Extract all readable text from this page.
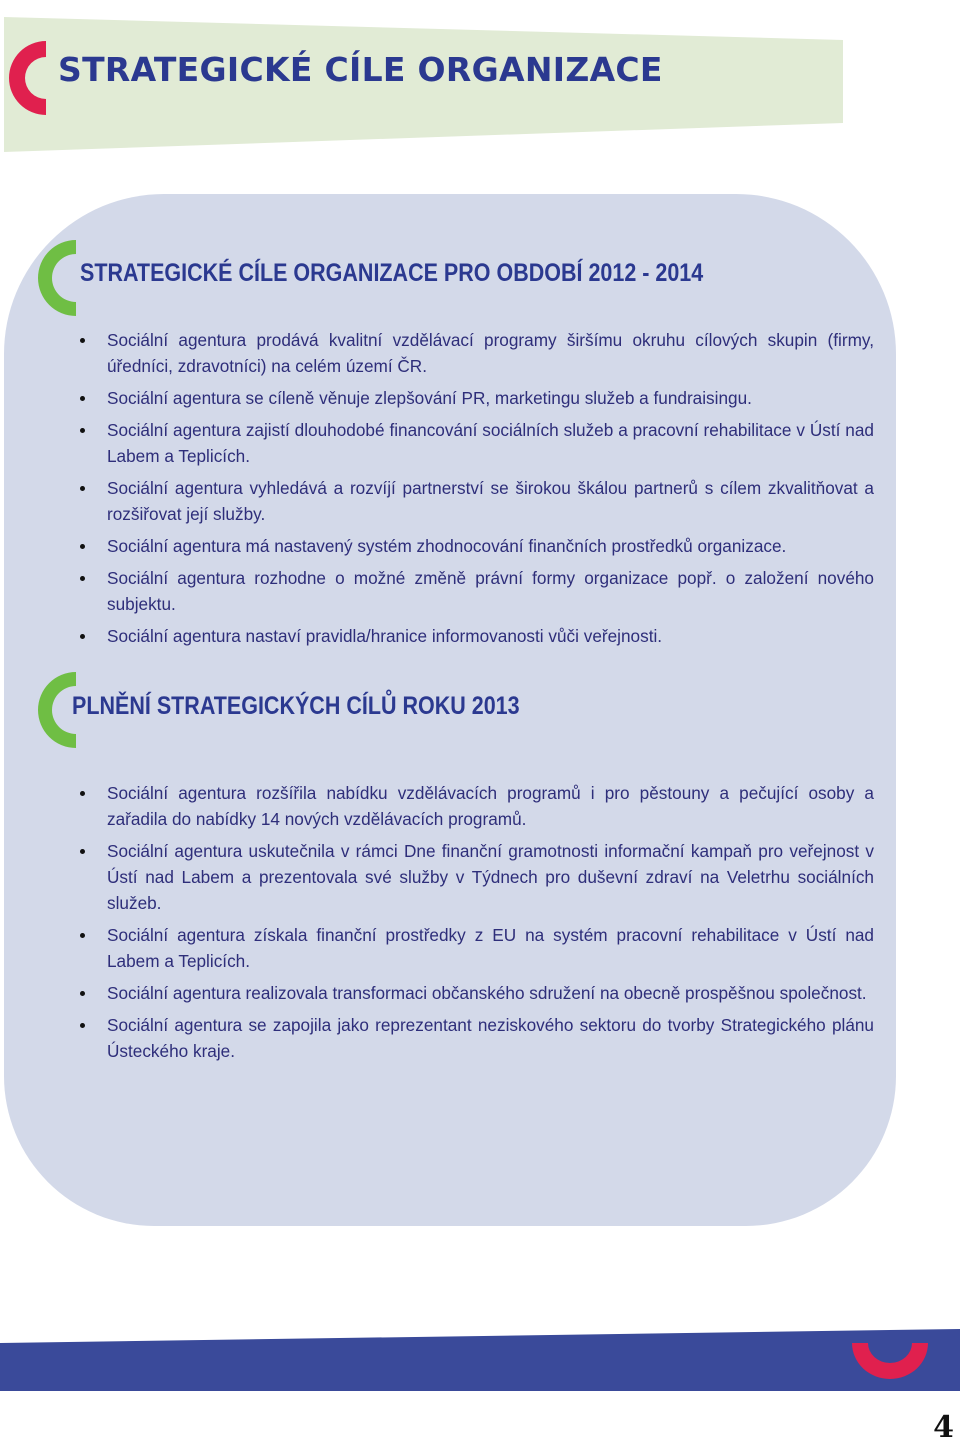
STRATEGICKÉ CÍLE ORGANIZACE
STRATEGICKÉ CÍLE ORGANIZACE PRO OBDOBÍ 2012 - 2014
Sociální agentura prodává kvalitní vzdělávací programy širšímu okruhu cílových skupin (firmy, úředníci, zdravotníci) na celém území ČR.
Sociální agentura se cíleně věnuje zlepšování PR, marketingu služeb a fundraisingu.
Sociální agentura zajistí dlouhodobé financování sociálních služeb a pracovní rehabilitace v Ústí nad Labem a Teplicích.
Sociální agentura vyhledává a rozvíjí partnerství se širokou škálou partnerů s cílem zkvalitňovat a rozšiřovat její služby.
Sociální agentura má nastavený systém zhodnocování finančních prostředků organizace.
Sociální agentura rozhodne o možné změně právní formy organizace popř. o založení nového subjektu.
Sociální agentura nastaví pravidla/hranice informovanosti vůči veřejnosti.
PLNĚNÍ STRATEGICKÝCH CÍLŮ ROKU 2013
Sociální agentura rozšířila nabídku vzdělávacích programů i pro pěstouny a pečující osoby a zařadila do nabídky 14 nových vzdělávacích programů.
Sociální agentura uskutečnila v rámci Dne finanční gramotnosti informační kampaň pro veřejnost v Ústí nad Labem a prezentovala své služby v Týdnech pro duševní zdraví na Veletrhu sociálních služeb.
Sociální agentura získala finanční prostředky z EU na systém pracovní rehabilitace v Ústí nad Labem a Teplicích.
Sociální agentura realizovala transformaci občanského sdružení na obecně prospěšnou společnost.
Sociální agentura se zapojila jako reprezentant neziskového sektoru do tvorby Strategického plánu Ústeckého kraje.
4
